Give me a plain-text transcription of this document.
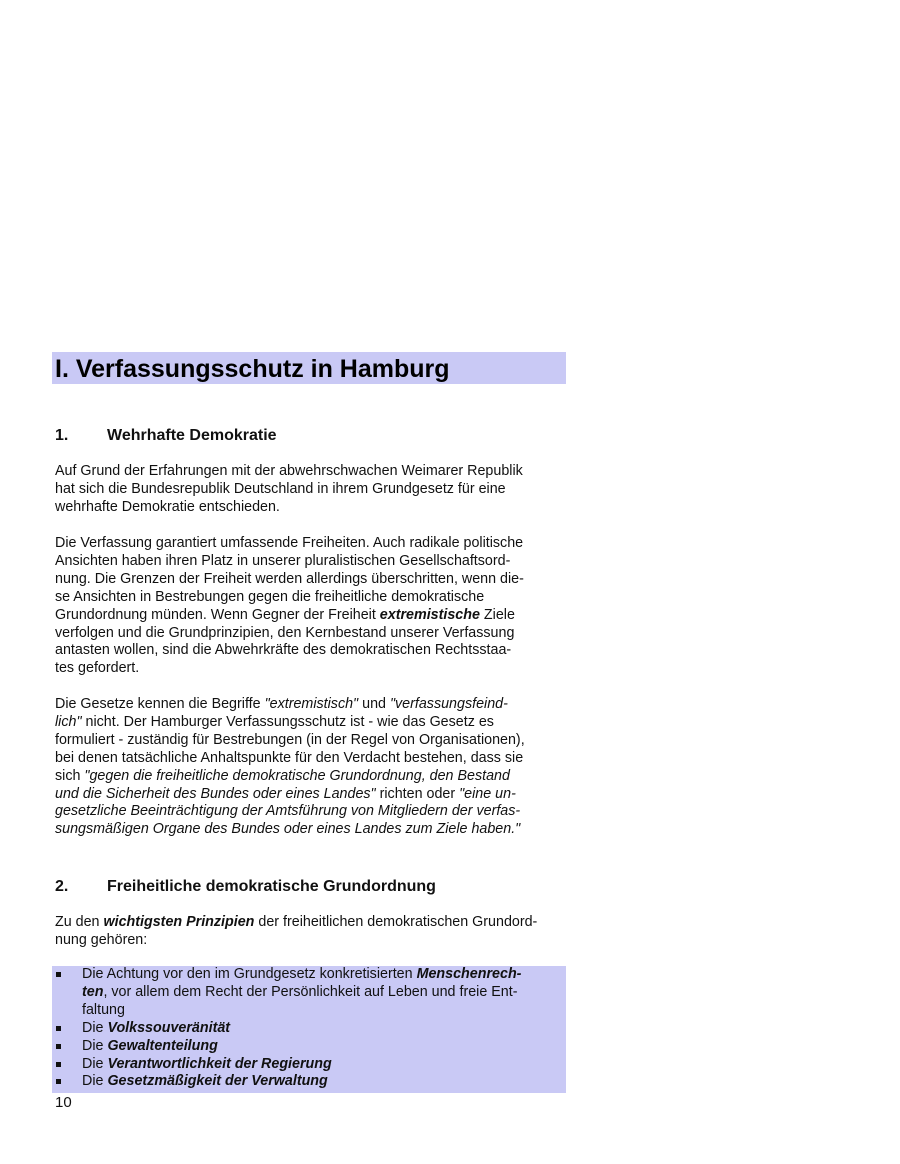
I. Verfassungsschutz in Hamburg
1. Wehrhafte Demokratie

Auf Grund der Erfahrungen mit der abwehrschwachen Weimarer Republik
hat sich die Bundesrepublik Deutschland in ihrem Grundgesetz für eine
wehrhafte Demokratie entschieden.

Die Verfassung garantiert umfassende Freiheiten. Auch radikale politische
Ansichten haben ihren Platz in unserer pluralistischen Gesellschaftsord-
nung. Die Grenzen der Freiheit werden allerdings überschritten, wenn die-
se Ansichten in Bestrebungen gegen die freiheitliche demokratische
Grundordnung münden. Wenn Gegner der Freiheit extremistische Ziele
verfolgen und die Grundprinzipien, den Kernbestand unserer Verfassung
antasten wollen, sind die Abwehrkräfte des demokratischen Rechtsstaa-
tes gefordert.

Die Gesetze kennen die Begriffe "extremistisch" und "verfassungsfeind-
lich" nicht. Der Hamburger Verfassungsschutz ist - wie das Gesetz es
formuliert - zuständig für Bestrebungen (in der Regel von Organisationen),
bei denen tatsächliche Anhaltspunkte für den Verdacht bestehen, dass sie
sich "gegen die freiheitliche demokratische Grundordnung, den Bestand
und die Sicherheit des Bundes oder eines Landes" richten oder "eine un-
gesetzliche Beeinträchtigung der Amtsführung von Mitgliedern der verfas-
sungsmäßigen Organe des Bundes oder eines Landes zum Ziele haben."

2. Freiheitliche demokratische Grundordnung

Zu den wichtigsten Prinzipien der freiheitlichen demokratischen Grundord-
nung gehören:

Die Achtung vor den im Grundgesetz konkretisierten Menschenrech-
ten, vor allem dem Recht der Persönlichkeit auf Leben und freie Ent-
faltung
Die Volkssouveränität
Die Gewaltenteilung
Die Verantwortlichkeit der Regierung
Die Gesetzmäßigkeit der Verwaltung
10
